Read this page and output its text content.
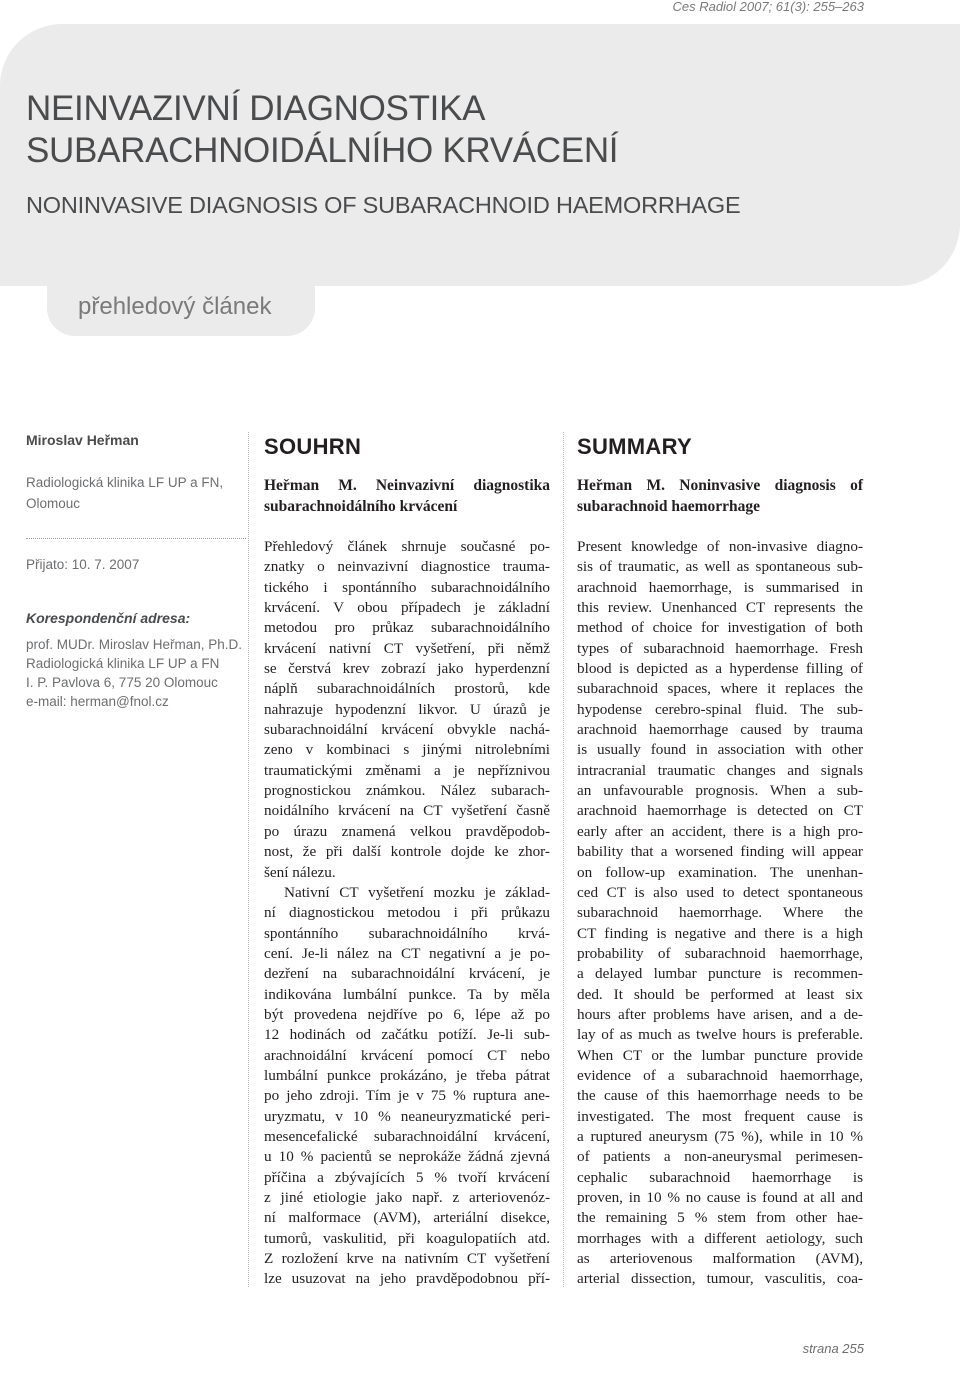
Ces Radiol 2007; 61(3): 255–263
NEINVAZIVNÍ DIAGNOSTIKA
SUBARACHNOIDÁLNÍHO KRVÁCENÍ
NONINVASIVE DIAGNOSIS OF SUBARACHNOID HAEMORRHAGE
přehledový článek
Miroslav Heřman
Radiologická klinika LF UP a FN, Olomouc
Přijato: 10. 7. 2007
Korespondenční adresa:
prof. MUDr. Miroslav Heřman, Ph.D.
Radiologická klinika LF UP a FN
I. P. Pavlova 6, 775 20 Olomouc
e-mail: herman@fnol.cz
SOUHRN
Heřman M. Neinvazivní diagnostika subarachnoidálního krvácení
Přehledový článek shrnuje současné po-
znatky o neinvazivní diagnostice trauma-
tického i spontánního subarachnoidálního
krvácení. V obou případech je základní
metodou pro průkaz subarachnoidálního
krvácení nativní CT vyšetření, při němž
se čerstvá krev zobrazí jako hyperdenzní
náplň subarachnoidálních prostorů, kde
nahrazuje hypodenzní likvor. U úrazů je
subarachnoidální krvácení obvykle nachá-
zeno v kombinaci s jinými nitrolebními
traumatickými změnami a je nepříznivou
prognostickou známkou. Nález subarach-
noidálního krvácení na CT vyšetření časně
po úrazu znamená velkou pravděpodob-
nost, že při další kontrole dojde ke zhor-
šení nálezu.
Nativní CT vyšetření mozku je základ-
ní diagnostickou metodou i při průkazu
spontánního subarachnoidálního krvá-
cení. Je-li nález na CT negativní a je po-
dezření na subarachnoidální krvácení, je
indikována lumbální punkce. Ta by měla
být provedena nejdříve po 6, lépe až po
12 hodinách od začátku potíží. Je-li sub-
arachnoidální krvácení pomocí CT nebo
lumbální punkce prokázáno, je třeba pátrat
po jeho zdroji. Tím je v 75 % ruptura ane-
uryzmatu, v 10 % neaneuryzmatické peri-
mesencefalické subarachnoidální krvácení,
u 10 % pacientů se neprokáže žádná zjevná
příčina a zbývajících 5 % tvoří krvácení
z jiné etiologie jako např. z arteriovenóz-
ní malformace (AVM), arteriální disekce,
tumorů, vaskulitid, při koagulopatiích atd.
Z rozložení krve na nativním CT vyšetření
lze usuzovat na jeho pravděpodobnou pří-
SUMMARY
Heřman M. Noninvasive diagnosis of subarachnoid haemorrhage
Present knowledge of non-invasive diagno-
sis of traumatic, as well as spontaneous sub-
arachnoid haemorrhage, is summarised in
this review. Unenhanced CT represents the
method of choice for investigation of both
types of subarachnoid haemorrhage. Fresh
blood is depicted as a hyperdense filling of
subarachnoid spaces, where it replaces the
hypodense cerebro-spinal fluid. The sub-
arachnoid haemorrhage caused by trauma
is usually found in association with other
intracranial traumatic changes and signals
an unfavourable prognosis. When a sub-
arachnoid haemorrhage is detected on CT
early after an accident, there is a high pro-
bability that a worsened finding will appear
on follow-up examination. The unenhan-
ced CT is also used to detect spontaneous
subarachnoid haemorrhage. Where the
CT finding is negative and there is a high
probability of subarachnoid haemorrhage,
a delayed lumbar puncture is recommen-
ded. It should be performed at least six
hours after problems have arisen, and a de-
lay of as much as twelve hours is preferable.
When CT or the lumbar puncture provide
evidence of a subarachnoid haemorrhage,
the cause of this haemorrhage needs to be
investigated. The most frequent cause is
a ruptured aneurysm (75 %), while in 10 %
of patients a non-aneurysmal perimesen-
cephalic subarachnoid haemorrhage is
proven, in 10 % no cause is found at all and
the remaining 5 % stem from other hae-
morrhages with a different aetiology, such
as arteriovenous malformation (AVM),
arterial dissection, tumour, vasculitis, coa-
strana 255
